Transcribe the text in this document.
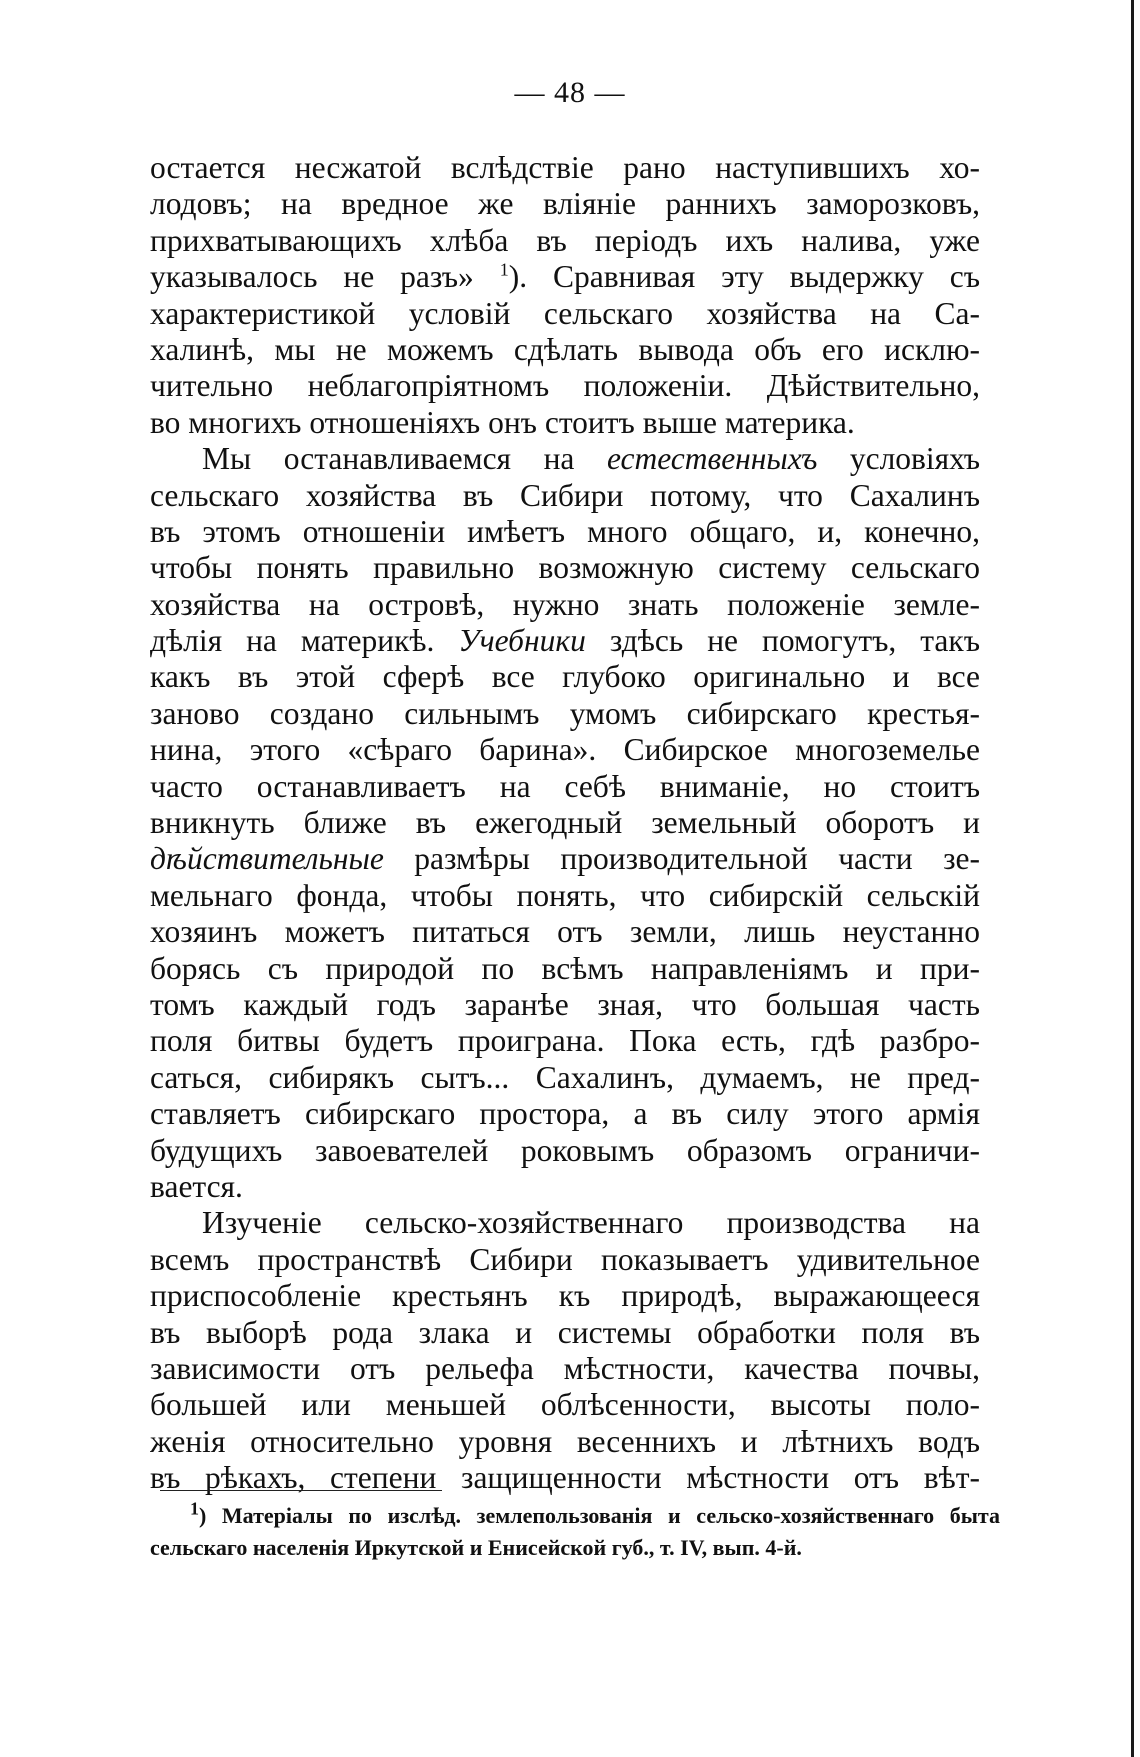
— 48 —
остается несжатой вслѣдствіе рано наступившихъ хо-
лодовъ; на вредное же вліяніе раннихъ заморозковъ,
прихватывающихъ хлѣба въ періодъ ихъ налива, уже
указывалось не разъ» $^1$). Сравнивая эту выдержку съ
характеристикой условій сельскаго хозяйства на Са-
халинѣ, мы не можемъ сдѣлать вывода объ его исклю-
чительно неблагопріятномъ положеніи. Дѣйствительно,
во многихъ отношеніяхъ онъ стоитъ выше материка.
Мы останавливаемся на естественныхъ условіяхъ
сельскаго хозяйства въ Сибири потому, что Сахалинъ
въ этомъ отношеніи имѣетъ много общаго, и, конечно,
чтобы понять правильно возможную систему сельскаго
хозяйства на островѣ, нужно знать положеніе земле-
дѣлія на материкѣ. Учебники здѣсь не помогутъ, такъ
какъ въ этой сферѣ все глубоко оригинально и все
заново создано сильнымъ умомъ сибирскаго крестья-
нина, этого «сѣраго барина». Сибирское многоземелье
часто останавливаетъ на себѣ вниманіе, но стоитъ
вникнуть ближе въ ежегодный земельный оборотъ и
дѣйствительные размѣры производительной части зе-
мельнаго фонда, чтобы понять, что сибирскій сельскій
хозяинъ можетъ питаться отъ земли, лишь неустанно
борясь съ природой по всѣмъ направленіямъ и при-
томъ каждый годъ заранѣе зная, что большая часть
поля битвы будетъ проиграна. Пока есть, гдѣ разбро-
саться, сибирякъ сытъ... Сахалинъ, думаемъ, не пред-
ставляетъ сибирскаго простора, а въ силу этого армія
будущихъ завоевателей роковымъ образомъ ограничи-
вается.
Изученіе сельско-хозяйственнаго производства на
всемъ пространствѣ Сибири показываетъ удивительное
приспособленіе крестьянъ къ природѣ, выражающееся
въ выборѣ рода злака и системы обработки поля въ
зависимости отъ рельефа мѣстности, качества почвы,
большей или меньшей облѣсенности, высоты поло-
женія относительно уровня весеннихъ и лѣтнихъ водъ
въ рѣкахъ, степени защищенности мѣстности отъ вѣт-
$^1$) Матеріалы по изслѣд. землепользованія и сельско-хозяйственнаго быта
сельскаго населенія Иркутской и Енисейской губ., т. IV, вып. 4-й.
